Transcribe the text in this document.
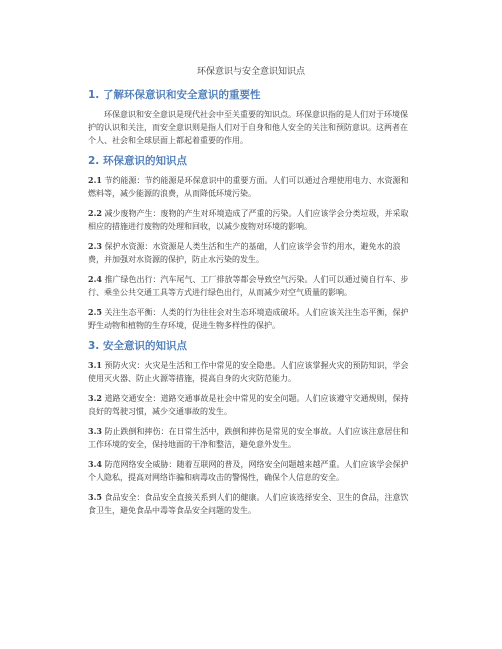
环保意识与安全意识知识点
1. 了解环保意识和安全意识的重要性

环保意识和安全意识是现代社会中至关重要的知识点。环保意识指的是人们对于环境保护的认识和关注，而安全意识则是指人们对于自身和他人安全的关注和预防意识。这两者在个人、社会和全球层面上都起着重要的作用。

2. 环保意识的知识点

2.1 节约能源：节约能源是环保意识中的重要方面。人们可以通过合理使用电力、水资源和燃料等，减少能源的浪费，从而降低环境污染。

2.2 减少废物产生：废物的产生对环境造成了严重的污染。人们应该学会分类垃圾，并采取相应的措施进行废物的处理和回收，以减少废物对环境的影响。

2.3 保护水资源：水资源是人类生活和生产的基础，人们应该学会节约用水，避免水的浪费，并加强对水资源的保护，防止水污染的发生。

2.4 推广绿色出行：汽车尾气、工厂排放等都会导致空气污染。人们可以通过骑自行车、步行、乘坐公共交通工具等方式进行绿色出行，从而减少对空气质量的影响。

2.5 关注生态平衡：人类的行为往往会对生态环境造成破坏。人们应该关注生态平衡，保护野生动物和植物的生存环境，促进生物多样性的保护。

3. 安全意识的知识点

3.1 预防火灾：火灾是生活和工作中常见的安全隐患。人们应该掌握火灾的预防知识，学会使用灭火器、防止火源等措施，提高自身的火灾防范能力。

3.2 道路交通安全：道路交通事故是社会中常见的安全问题。人们应该遵守交通规则，保持良好的驾驶习惯，减少交通事故的发生。

3.3 防止跌倒和摔伤：在日常生活中，跌倒和摔伤是常见的安全事故。人们应该注意居住和工作环境的安全，保持地面的干净和整洁，避免意外发生。

3.4 防范网络安全威胁：随着互联网的普及，网络安全问题越来越严重。人们应该学会保护个人隐私，提高对网络诈骗和病毒攻击的警惕性，确保个人信息的安全。

3.5 食品安全：食品安全直接关系到人们的健康。人们应该选择安全、卫生的食品，注意饮食卫生，避免食品中毒等食品安全问题的发生。
